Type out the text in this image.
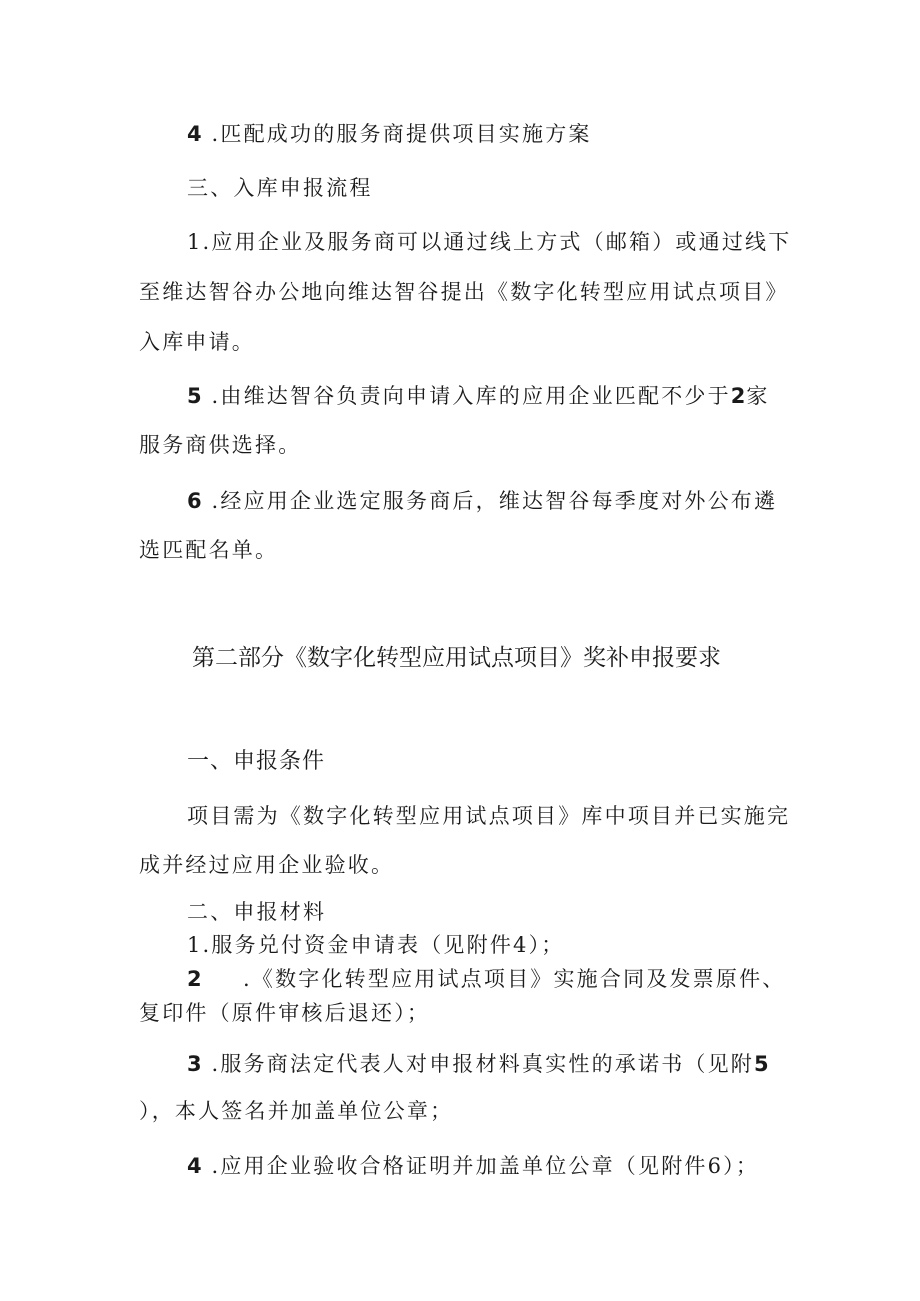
4 .匹配成功的服务商提供项目实施方案
三、入库申报流程
1.应用企业及服务商可以通过线上方式（邮箱）或通过线下
至维达智谷办公地向维达智谷提出《数字化转型应用试点项目》
入库申请。
5 .由维达智谷负责向申请入库的应用企业匹配不少于2家
服务商供选择。
6 .经应用企业选定服务商后，维达智谷每季度对外公布遴
选匹配名单。
第二部分《数字化转型应用试点项目》奖补申报要求
一、申报条件
项目需为《数字化转型应用试点项目》库中项目并已实施完
成并经过应用企业验收。
二、申报材料
1.服务兑付资金申请表（见附件4）；
2 .《数字化转型应用试点项目》实施合同及发票原件、
复印件（原件审核后退还）；
3 .服务商法定代表人对申报材料真实性的承诺书（见附5
），本人签名并加盖单位公章；
4 .应用企业验收合格证明并加盖单位公章（见附件6）；
